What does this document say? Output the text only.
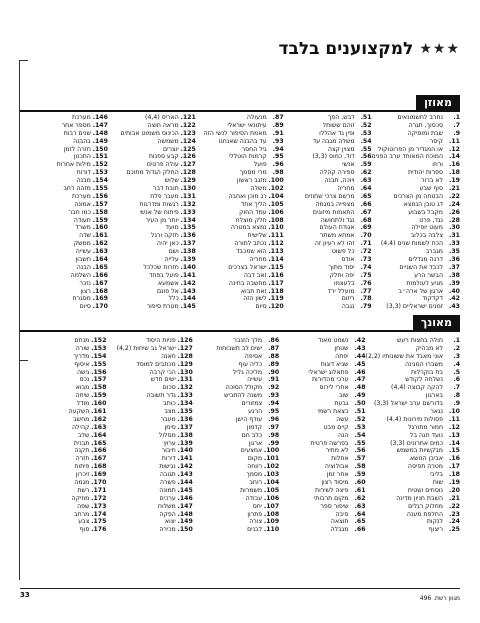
★★★
למקצוענים בלבד
מאוזן
1.
נחרב לחשמונאים
7.
סכסוך, תגרה
9.
שבת ומוסיקה
11.
קיסר
12.
או המגדיר מן הפרוטוקול
14.
המוכח המאוחד ערב הפנים
16.
ורוזו
18.
ספרות יהודית
19.
לא ברור
21.
סוף שבע
22.
הבטחה מן הצרכים
24.
דג טובן הנמצא
26.
מקבל בשבוע
28.
נגד, פרט
30.
מעוט יופילה
31.
צלבה בכלוב
33.
הכח לשמות שנים (4,4)
35.
מגברב
36.
דרגה מגדלים
37.
לכבד את השניים
38.
הבשר הרע
39.
מגיע לעולמות
40.
ארגון של ארה״ב
42.
דקדקוד
43.
זמנים ישראליים (3,3)
51.
דבש, הפך
52.
זוהם ששותל
53.
ופין גד אהללו
54.
משלה מגבה עד
55.
מצוין קצה
56.
דוד, כמוס (3,3)
59.
אנשי
62.
ספירה קהלה
63.
ויוכה, תבנה
64.
מחריה
65.
מרשם צרכי שחוזים
66.
מצפייה במגמה
67.
התאמות מיזוגים
68.
נגד ולתחושה
69.
אגודת העולם
70.
אמחא משתר
71.
זהו לא רעיון זה
72.
כל פשוט
73.
אודס
74.
יסוד מתוך
75.
יפה וחלק
76.
בלעצמו
77.
מועלל ירד
78.
ריזום
79.
נגבה
87.
מנעולה
89.
עיתונאי ישראלי
91.
מאמת הסיפור לנשי הזה
93.
עד בהבנה שאנחנו
94.
גיל החסר
95.
קרמות הוטללי
96.
פועל
98.
מרי מסמך
100.
מזגב ראשון
102.
משלה
104.
רג מוכן ואחבה
105.
הליך אחד
106.
עמד החוק
108.
חלק מוצלח
110.
נמצא במטרה
111.
שלישית
112.
נכתב לתורה
113.
הוא שמכבד
114.
מחריה
115.
ישראל בצרכים
116.
זאב דבה
117.
מחשבה בחינה
118.
זאת תבוא
119.
לשון הזה
120.
סיום
121.
האריס (4,4)
122.
מראה חוצה
123.
הכינוס משמוט אבותים
124.
משמשה
125.
יוצרים
126.
קבע ספנות
127.
עולה פרטים
128.
החלק הגדול מתוכם
129.
שלוש
130.
תובת דבר
131.
מעבר פלח
132.
רגשות ומדרגות
133.
פיתוח של אנשי
134.
יותר מן העיר
135.
מועד
136.
חזקה ורגל
137.
כאן יהיה
138.
ושם
139.
עלייה
140.
חזרות שכלכל
141.
פועל בפחד
142.
אשמעא
143.
אל פונם
144.
כלל
145.
מטרת סיפור
146.
מערכת
147.
מספר אחר
148.
שנים רבות
149.
בהבנה
150.
חזרה לזמן
151.
התכנון
152.
מילות אחרות
153.
דורות
154.
מבנה
155.
מזהה רחב
156.
מערכת
157.
אמונה
158.
כמו חבר
159.
תעודה
160.
משרד
161.
שדה
162.
ממשק
163.
עשייה
164.
חשבון
165.
הבנה
166.
השלמה
167.
נזכר
168.
רצון
169.
מסגרת
170.
סיום
מאונך
1.
חולה בחצות רעש
2.
לא מבהיק
3.
אוני מאבד את ששונותיו (2,2)
4.
משברו המגינה
5.
בת בוקרלות
6.
נשלחה לקודש
7.
להקה קבוצה (4,4)
8.
בארגון
9.
בדורשם ערב ישראל (3,3)
10.
נגאר
11.
פסולות מירונות (4,4)
12.
חמור מתורגל
13.
נועד חגה בל
14.
כמים אחרונים (3,3)
15.
מבקשיות במשמש
16.
אביבן הנושא
17.
מטרה תפיסה
18.
בליבי
19.
שוח
20.
נוסחים ושטיח
21.
השבת חניון מדינה
22.
מחלוק רגלים
23.
החלפת מענה
24.
לנקות
25.
ריצוף
42.
נשמט מאוד
43.
שטחן
44.
יפתה
45.
שגיא דוגות
46.
פתאלוג ישראלי
47.
ערכי מהדורות
48.
אחרי לירוס
49.
שוב
50.
גבעת
51.
בצאת רשמי
52.
עשה
53.
קיים מבט
54.
הנה
55.
בפרשה פרטית
56.
לא מתיר
57.
אחלות
58.
אבולוציה
59.
אחר זמן
60.
מיסוד רצון
61.
פיצה לשירות
62.
מקום תרבותי
63.
שיפור ספר
64.
סיבה
65.
תוצאה
66.
מגבלה
86.
מלך הזנבר
87.
ישים לב תשבוחות
88.
אסיפה
89.
כליה עוף
90.
מליכה גליל
91.
עשייה
92.
מקולל הסוכה
93.
משנה להתביש
94.
צמזורים
95.
הרגע
96.
עודף הישן
97.
קדמון
98.
כלב חם
99.
ארגון
100.
אמצעים
101.
מקום
102.
רווחה
103.
מסמך
104.
רוחב
105.
משמרות
106.
עבודה
107.
יחס
108.
פתרון
109.
צורה
110.
לבנים
126.
פניות היסוד
127.
ישראל גב שיחות (4,2)
128.
חאנה
129.
מכתבים למוסד
130.
הכי קרבה
131.
ישים חדש
132.
סכום
133.
גדר תשובה
134.
כותב
135.
מצב
136.
מעבר
137.
סימן
138.
מסלול
139.
ערוץ
140.
חיבור
141.
דירות
142.
נגישות
143.
תגובה
144.
פשרה
145.
תמונה
146.
ערכים
147.
משלוח
148.
הפקה
149.
יצוא
150.
מכירה
152.
מנחם
153.
שורה
154.
מדריך
155.
איסוף
156.
גישה
157.
נכס
158.
מבוא
159.
שיחה
160.
מודל
161.
השקעה
162.
מחשב
163.
קהילה
164.
שלב
165.
תבנית
166.
תקנה
167.
חזרה
168.
פיתוח
169.
זיכרון
170.
מגמה
171.
רשת
172.
מוזיקה
173.
שפה
174.
מרחב
175.
צבע
176.
סוף
33	מגוון רשת. 496
